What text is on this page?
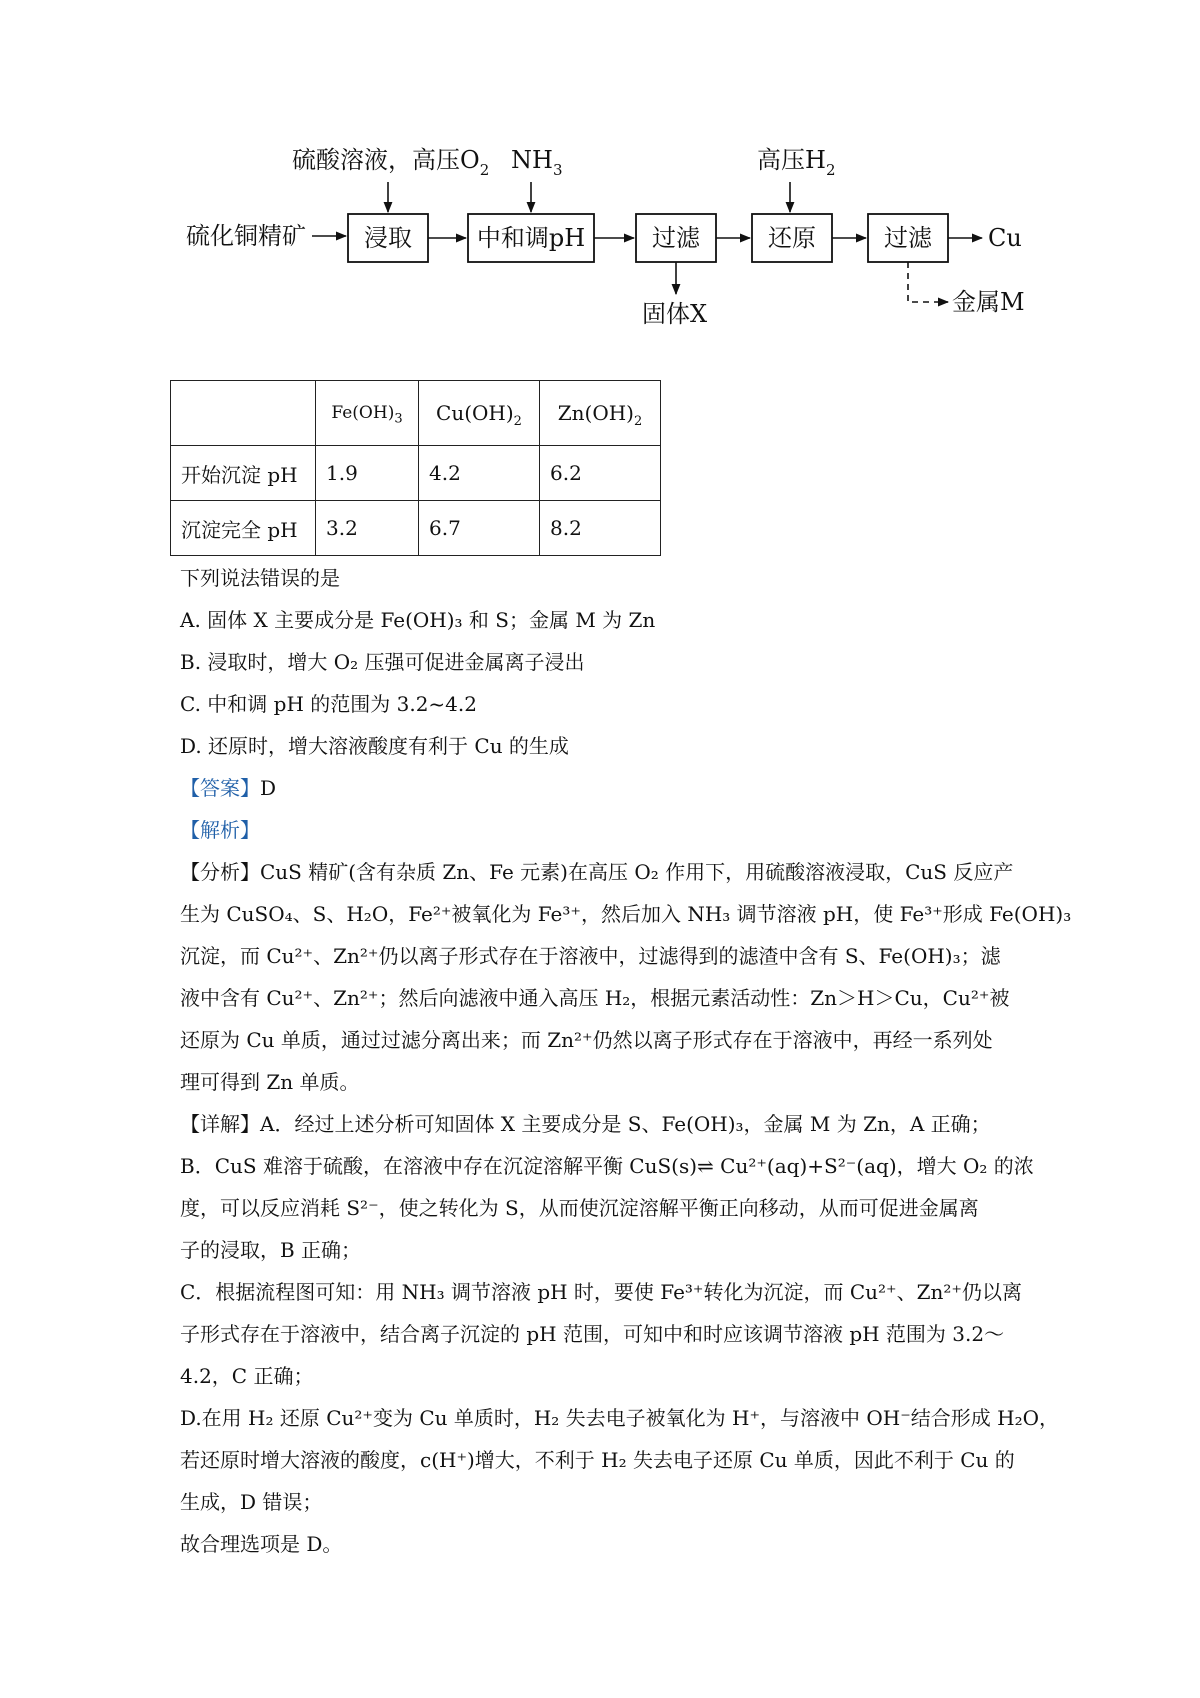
硫酸溶液，高压$O_2$ $NH_3$	高压$H_2$
硫化铜精矿 浸取	中和调pH	过滤	还原	过滤 Cu
固体X	金属M
	$Fe(OH)_3$	$Cu(OH)_2$	$Zn(OH)_2$
开始沉淀 pH	1.9	4.2	6.2
沉淀完全 pH	3.2	6.7	8.2
下列说法错误的是
A. 固体 X 主要成分是 Fe(OH)₃ 和 S；金属 M 为 Zn
B. 浸取时，增大 O₂ 压强可促进金属离子浸出
C. 中和调 pH 的范围为 3.2~4.2
D. 还原时，增大溶液酸度有利于 Cu 的生成
【答案】D
【解析】
【分析】CuS 精矿(含有杂质 Zn、Fe 元素)在高压 O₂ 作用下，用硫酸溶液浸取，CuS 反应产
生为 CuSO₄、S、H₂O，Fe²⁺被氧化为 Fe³⁺，然后加入 NH₃ 调节溶液 pH，使 Fe³⁺形成 Fe(OH)₃
沉淀，而 Cu²⁺、Zn²⁺仍以离子形式存在于溶液中，过滤得到的滤渣中含有 S、Fe(OH)₃；滤
液中含有 Cu²⁺、Zn²⁺；然后向滤液中通入高压 H₂，根据元素活动性：Zn＞H＞Cu，Cu²⁺被
还原为 Cu 单质，通过过滤分离出来；而 Zn²⁺仍然以离子形式存在于溶液中，再经一系列处
理可得到 Zn 单质。
【详解】A．经过上述分析可知固体 X 主要成分是 S、Fe(OH)₃，金属 M 为 Zn，A 正确；
B．CuS 难溶于硫酸，在溶液中存在沉淀溶解平衡 CuS(s)⇌ Cu²⁺(aq)+S²⁻(aq)，增大 O₂ 的浓
度，可以反应消耗 S²⁻，使之转化为 S，从而使沉淀溶解平衡正向移动，从而可促进金属离
子的浸取，B 正确；
C．根据流程图可知：用 NH₃ 调节溶液 pH 时，要使 Fe³⁺转化为沉淀，而 Cu²⁺、Zn²⁺仍以离
子形式存在于溶液中，结合离子沉淀的 pH 范围，可知中和时应该调节溶液 pH 范围为 3.2～
4.2，C 正确；
D.在用 H₂ 还原 Cu²⁺变为 Cu 单质时，H₂ 失去电子被氧化为 H⁺，与溶液中 OH⁻结合形成 H₂O，
若还原时增大溶液的酸度，c(H⁺)增大，不利于 H₂ 失去电子还原 Cu 单质，因此不利于 Cu 的
生成，D 错误；
故合理选项是 D。
